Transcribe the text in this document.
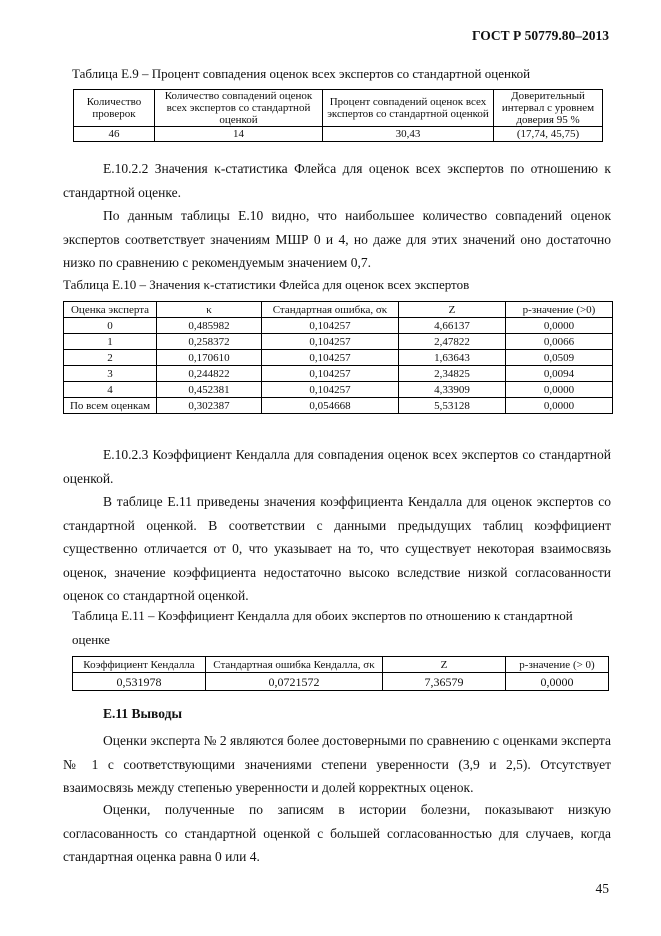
ГОСТ Р 50779.80–2013
Таблица Е.9 – Процент совпадения оценок всех экспертов со стандартной оценкой
Количество проверок	Количество совпадений оценок всех экспертов со стандартной оценкой	Процент совпадений оценок всех экспертов со стандартной оценкой	Доверительный интервал с уровнем доверия 95 %
46	14	30,43	(17,74, 45,75)
Е.10.2.2 Значения κ-статистика Флейса для оценок всех экспертов по отношению к стандартной оценке.
По данным таблицы Е.10 видно, что наибольшее количество совпадений оценок экспертов соответствует значениям МШР 0 и 4, но даже для этих значений оно достаточно низко по сравнению с рекомендуемым значением 0,7.
Таблица Е.10 – Значения κ-статистики Флейса для оценок всех экспертов
Оценка эксперта	κ	Стандартная ошибка, σκ	Z	p-значение (>0)
0	0,485982	0,104257	4,66137	0,0000
1	0,258372	0,104257	2,47822	0,0066
2	0,170610	0,104257	1,63643	0,0509
3	0,244822	0,104257	2,34825	0,0094
4	0,452381	0,104257	4,33909	0,0000
По всем оценкам	0,302387	0,054668	5,53128	0,0000
Е.10.2.3 Коэффициент Кендалла для совпадения оценок всех экспертов со стандартной оценкой.
В таблице Е.11 приведены значения коэффициента Кендалла для оценок экспертов со стандартной оценкой. В соответствии с данными предыдущих таблиц коэффициент существенно отличается от 0, что указывает на то, что существует некоторая взаимосвязь оценок, значение коэффициента недостаточно высоко вследствие низкой согласованности оценок со стандартной оценкой.
Таблица Е.11 – Коэффициент Кендалла для обоих экспертов по отношению к стандартной
оценке
Коэффициент Кендалла	Стандартная ошибка Кендалла, σκ	Z	p-значение (> 0)
0,531978	0,0721572	7,36579	0,0000
Е.11 Выводы
Оценки эксперта № 2 являются более достоверными по сравнению с оценками эксперта № 1 с соответствующими значениями степени уверенности (3,9 и 2,5). Отсутствует взаимосвязь между степенью уверенности и долей корректных оценок.
Оценки, полученные по записям в истории болезни, показывают низкую согласованность со стандартной оценкой с большей согласованностью для случаев, когда стандартная оценка равна 0 или 4.
45
